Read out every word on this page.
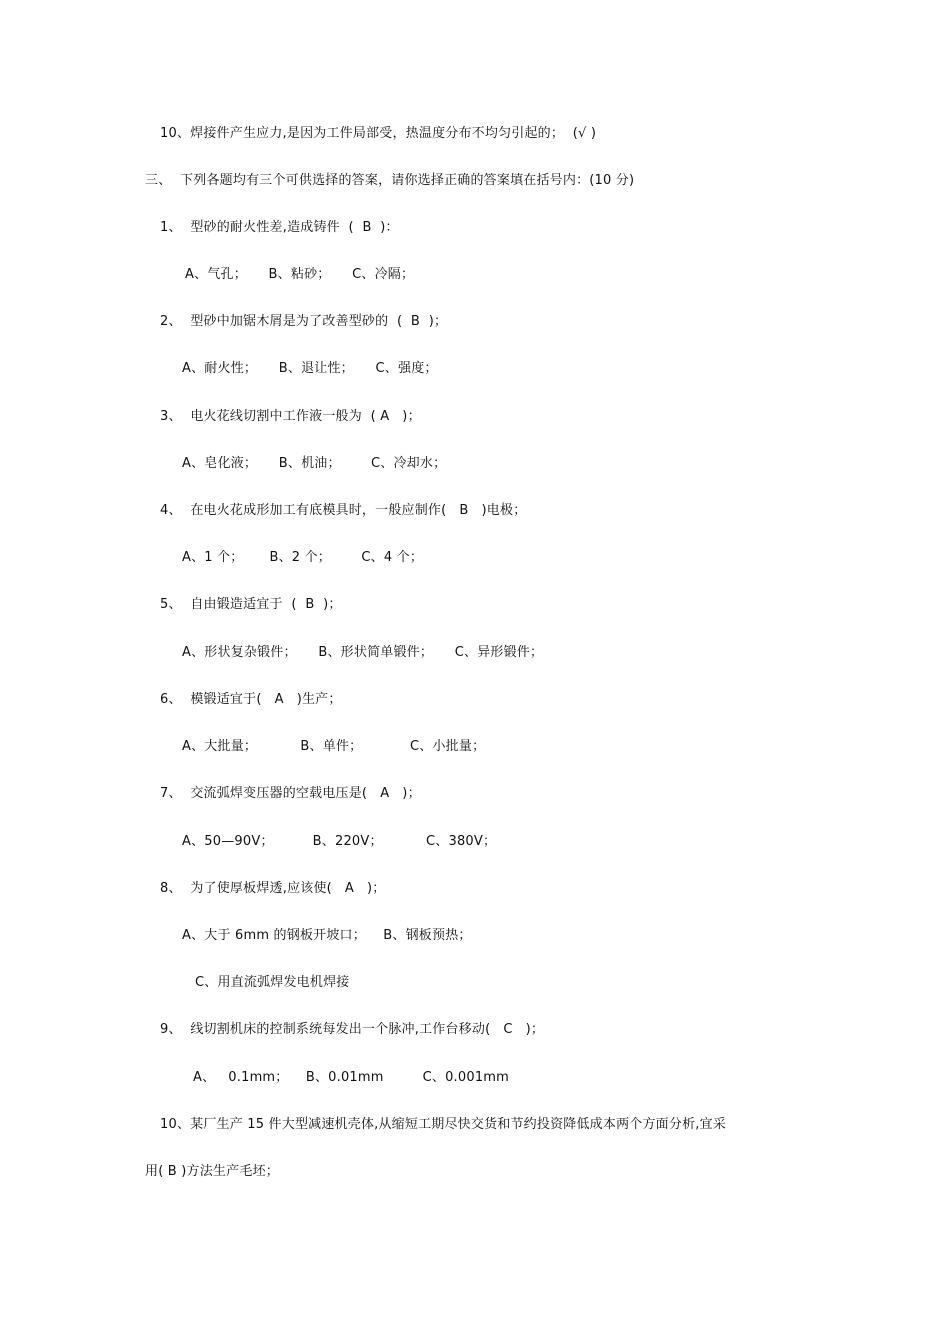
10、焊接件产生应力,是因为工件局部受，热温度分布不均匀引起的；  (√ )
三、  下列各题均有三个可供选择的答案，请你选择正确的答案填在括号内：(10 分)
1、  型砂的耐火性差,造成铸件  (  B  )：
A、气孔；     B、粘砂；     C、冷隔；
2、  型砂中加锯木屑是为了改善型砂的  (  B  )；
A、耐火性；     B、退让性；     C、强度；
3、  电火花线切割中工作液一般为  ( A   )；
A、皂化液；     B、机油；       C、冷却水；
4、  在电火花成形加工有底模具时，一般应制作(   B   )电极；
A、1 个；      B、2 个；       C、4 个；
5、  自由锻造适宜于  (  B  )；
A、形状复杂锻件；     B、形状简单锻件；     C、异形锻件；
6、  模锻适宜于(   A   )生产；
A、大批量；          B、单件；           C、小批量；
7、  交流弧焊变压器的空载电压是(   A   )；
A、50—90V；         B、220V；          C、380V；
8、  为了使厚板焊透,应该使(   A   )；
A、大于 6mm 的钢板开坡口；    B、钢板预热；
C、用直流弧焊发电机焊接
9、  线切割机床的控制系统每发出一个脉冲,工作台移动(   C   )；
A、   0.1mm；    B、0.01mm         C、0.001mm
10、某厂生产 15 件大型减速机壳体,从缩短工期尽快交货和节约投资降低成本两个方面分析,宜采
用( B )方法生产毛坯；
